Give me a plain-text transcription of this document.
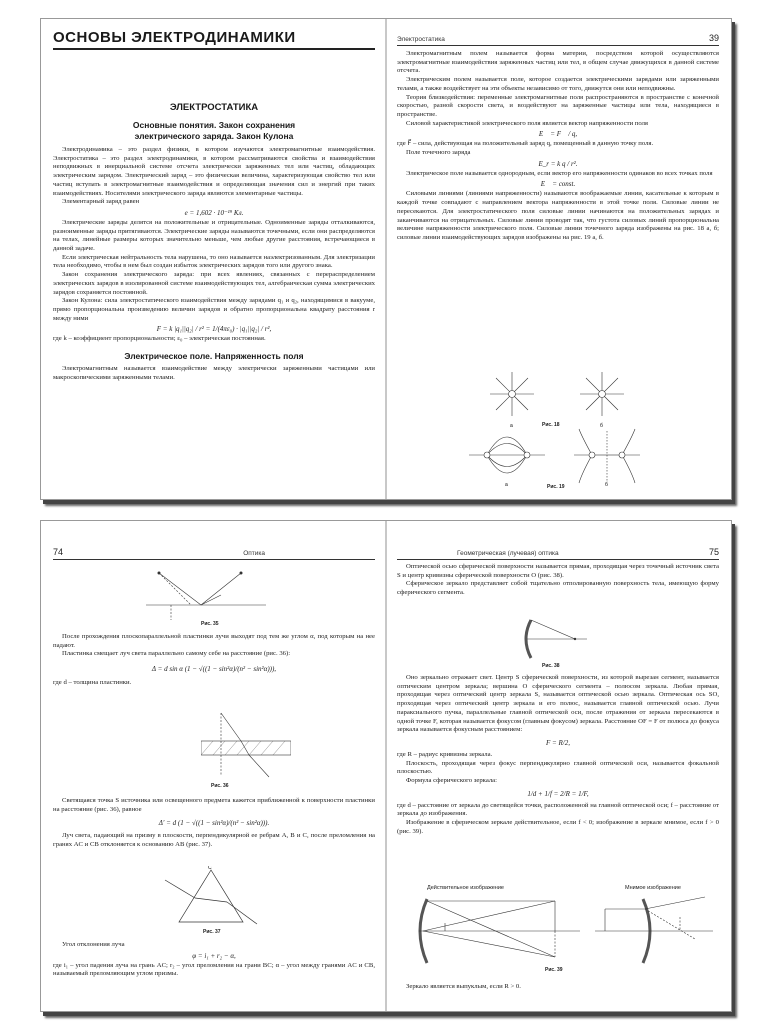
ОСНОВЫ ЭЛЕКТРОДИНАМИКИ
ЭЛЕКТРОСТАТИКА
Основные понятия. Закон сохранения
электрического заряда. Закон Кулона

Электродинамика – это раздел физики, в котором изучаются электромагнитные взаимодействия. Электростатика – это раздел электродинамики, в котором рассматриваются свойства и взаимодействия неподвижных в инерциальной системе отсчета электрически заряженных тел или частиц, обладающих электрическим зарядом. Электрический заряд – это физическая величина, характеризующая свойство тел или частиц вступать в электромагнитные взаимодействия и определяющая значения сил и энергий при таких взаимодействиях. Носителями электрического заряда являются элементарные частицы.

Элементарный заряд равен

e = 1,602 · 10⁻¹⁹ Кл.

Электрические заряды делятся на положительные и отрицательные. Одноименные заряды отталкиваются, разноименные заряды притягиваются. Электрические заряды называются точечными, если они распределяются на телах, линейные размеры которых значительно меньше, чем любые другие расстояния, встречающиеся в данной задаче.

Если электрическая нейтральность тела нарушена, то оно называется наэлектризованным. Для электризации тела необходимо, чтобы в нем был создан избыток электрических зарядов того или другого знака.

Закон сохранения электрического заряда: при всех явлениях, связанных с перераспределением электрических зарядов в изолированной системе взаимодействующих тел, алгебраическая сумма электрических зарядов сохраняется постоянной.

Закон Кулона: сила электростатического взаимодействия между зарядами q₁ и q₂, находящимися в вакууме, прямо пропорциональна произведению величин зарядов и обратно пропорциональна квадрату расстояния r между ними

F = k |q₁||q₂| / r² = 1/(4πε₀) · |q₁||q₂| / r²,

где k – коэффициент пропорциональности; ε₀ – электрическая постоянная.

Электрическое поле. Напряженность поля

Электромагнитным называется взаимодействие между электрически заряженными частицами или макроскопическими заряженными телами.

Электростатика	39

Электромагнитным полем называется форма материи, посредством которой осуществляются электромагнитные взаимодействия заряженных частиц или тел, в общем случае движущихся в данной системе отсчета.

Электрическим полем называется поле, которое создается электрическими зарядами или заряженными телами, а также воздействует на эти объекты независимо от того, движутся они или неподвижны.

Теория близкодействия: переменные электромагнитные поля распространяются в пространстве с конечной скоростью, разной скорости света, и воздействуют на заряженные частицы или тела, находящиеся в пространстве.

Силовой характеристикой электрического поля является вектор напряженности поля

E⃗ = F⃗ / q,

где F⃗ – сила, действующая на положительный заряд q, помещенный в данную точку поля.

Поле точечного заряда

E_r = k q / r².

Электрическое поле называется однородным, если вектор его напряженности одинаков во всех точках поля

E⃗ = const.

Силовыми линиями (линиями напряженности) называются воображаемые линии, касательные к которым в каждой точке совпадают с направлением вектора напряженности в этой точке поля. Силовые линии не пересекаются. Для электростатического поля силовые линии начинаются на положительных зарядах и заканчиваются на отрицательных. Силовые линии проводят так, что густота силовых линий пропорциональна величине напряженности электрического поля. Силовые линии точечного заряда изображены на рис. 18 а, б; силовые линии взаимодействующих зарядов изображены на рис. 19 а, б.

а	б
Рис. 18
а	б
Рис. 19
74	Оптика
Рис. 35

После прохождения плоскопараллельной пластинки лучи выходят под тем же углом α, под которым на нее падают.

Пластинка смещает луч света параллельно самому себе на расстояние (рис. 36):

Δ = d sin α (1 − √((1 − sin²α)/(n² − sin²α))),

где d – толщина пластинки.

Рис. 36

Светящаяся точка S источника или освещенного предмета кажется приближенной к поверхности пластинки на расстояние (рис. 36), равное

Δ′ = d (1 − √((1 − sin²α)/(n² − sin²α))).

Луч света, падающий на призму в плоскости, перпендикулярной ее ребрам A, B и C, после преломления на гранях AC и CB отклоняется к основанию AB (рис. 37).

C
Рис. 37

Угол отклонения луча

φ = i₁ + r₂ − α,

где i₁ – угол падения луча на грань AC; r₂ – угол преломления на грани BC; α – угол между гранями AC и CB, называемый преломляющим углом призмы.

Геометрическая (лучевая) оптика	75

Оптической осью сферической поверхности называется прямая, проходящая через точечный источник света S и центр кривизны сферической поверхности O (рис. 38).

Сферическое зеркало представляет собой тщательно отполированную поверхность тела, имеющую форму сферического сегмента.

Рис. 38

Оно зеркально отражает свет. Центр S сферической поверхности, из которой вырезан сегмент, называется оптическим центром зеркала; вершина O сферического сегмента – полюсом зеркала. Любая прямая, проходящая через оптический центр зеркала S, называется оптической осью зеркала. Оптическая ось SO, проходящая через оптический центр зеркала и его полюс, называется главной оптической осью. Лучи параксиального пучка, параллельные главной оптической оси, после отражения от зеркала пересекаются в одной точке F, которая называется фокусом (главным фокусом) зеркала. Расстояние OF = F от полюса до фокуса зеркала называется фокусным расстоянием:

F = R/2,

где R – радиус кривизны зеркала.

Плоскость, проходящая через фокус перпендикулярно главной оптической оси, называется фокальной плоскостью.

Формула сферического зеркала:

1/d + 1/f = 2/R = 1/F,

где d – расстояние от зеркала до светящейся точки, расположенной на главной оптической оси; f – расстояние от зеркала до изображения.

Изображение в сферическом зеркале действительное, если f < 0; изображение в зеркале мнимое, если f > 0 (рис. 39).

Действительное изображение	Мнимое изображение
Рис. 39

Зеркало является выпуклым, если R > 0.
